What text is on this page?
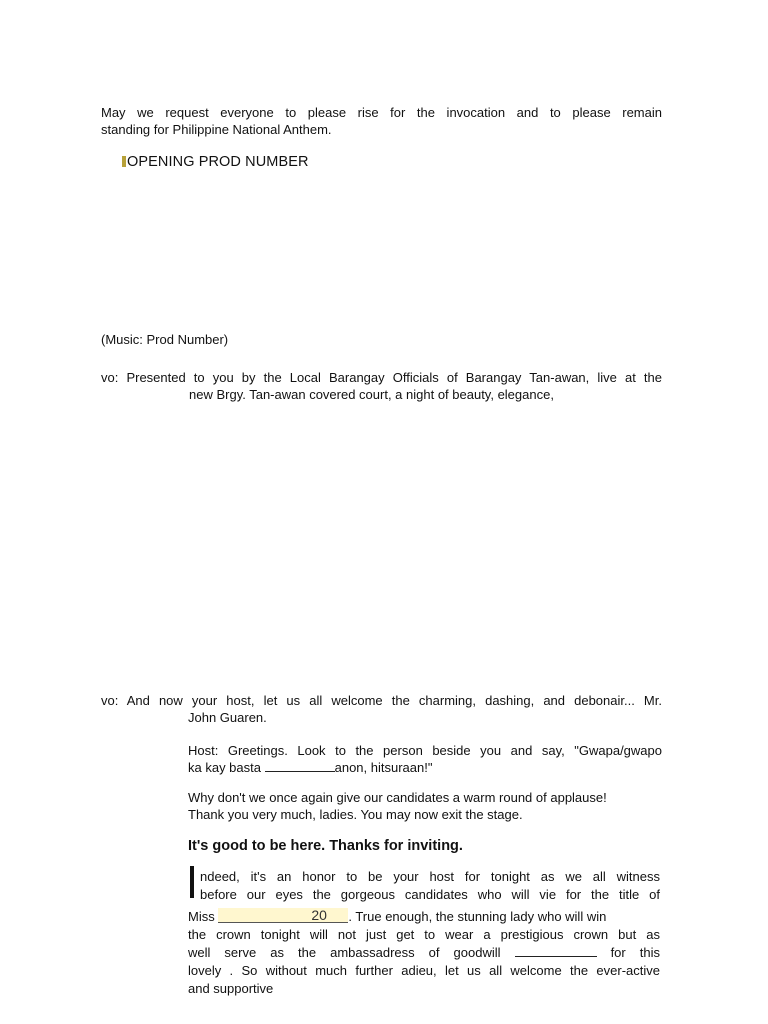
May we request everyone to please rise for the invocation and to please remain
standing for Philippine National Anthem.
OPENING PROD NUMBER
(Music: Prod Number)
vo: Presented to you by the Local Barangay Officials of Barangay Tan-awan, live at the
new Brgy. Tan-awan covered court, a night of beauty, elegance,
vo: And now your host, let us all welcome the charming, dashing, and debonair... Mr.
John Guaren.
Host: Greetings. Look to the person beside you and say, "Gwapa/gwapo
ka kay basta	anon, hitsuraan!"
Why don't we once again give our candidates a warm round of applause!
Thank you very much, ladies. You may now exit the stage.
It's good to be here. Thanks for inviting.
ndeed, it's an honor to be your host for tonight as we all witness
before our eyes the gorgeous candidates who will vie for the title of
Miss	20 . True enough, the stunning lady who will win
the crown tonight will not just get to wear a prestigious crown but as
well serve as the ambassadress of goodwill	for this
lovely . So without much further adieu, let us all welcome the ever-active
and supportive
